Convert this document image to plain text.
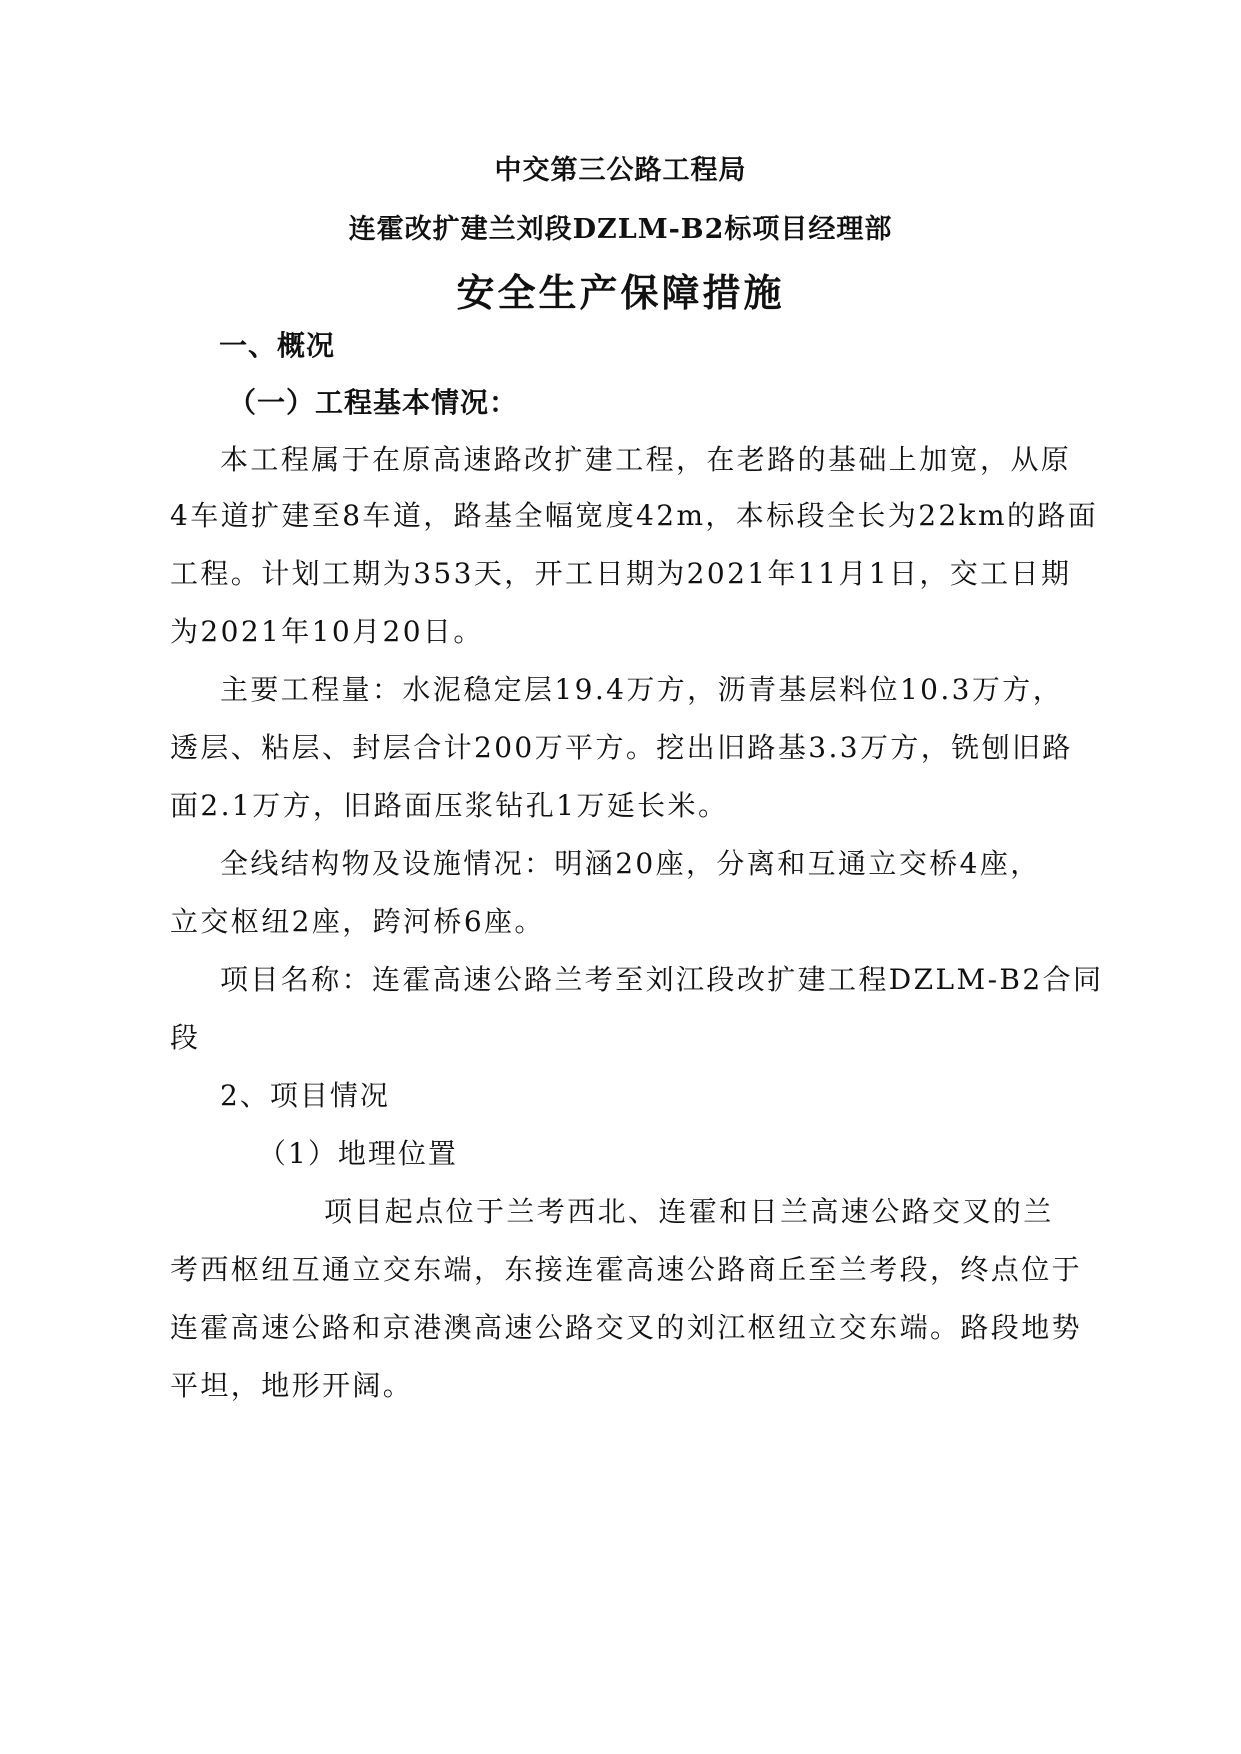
中交第三公路工程局
连霍改扩建兰刘段DZLM-B2标项目经理部
安全生产保障措施
一、概况
（一）工程基本情况：
本工程属于在原高速路改扩建工程，在老路的基础上加宽，从原
4车道扩建至8车道，路基全幅宽度42m，本标段全长为22km的路面
工程。计划工期为353天，开工日期为2021年11月1日，交工日期
为2021年10月20日。
主要工程量：水泥稳定层19.4万方，沥青基层料位10.3万方，
透层、粘层、封层合计200万平方。挖出旧路基3.3万方，铣刨旧路
面2.1万方，旧路面压浆钻孔1万延长米。
全线结构物及设施情况：明涵20座，分离和互通立交桥4座，
立交枢纽2座，跨河桥6座。
项目名称：连霍高速公路兰考至刘江段改扩建工程DZLM-B2合同
段
2、项目情况
（1）地理位置
项目起点位于兰考西北、连霍和日兰高速公路交叉的兰
考西枢纽互通立交东端，东接连霍高速公路商丘至兰考段，终点位于
连霍高速公路和京港澳高速公路交叉的刘江枢纽立交东端。路段地势
平坦，地形开阔。
